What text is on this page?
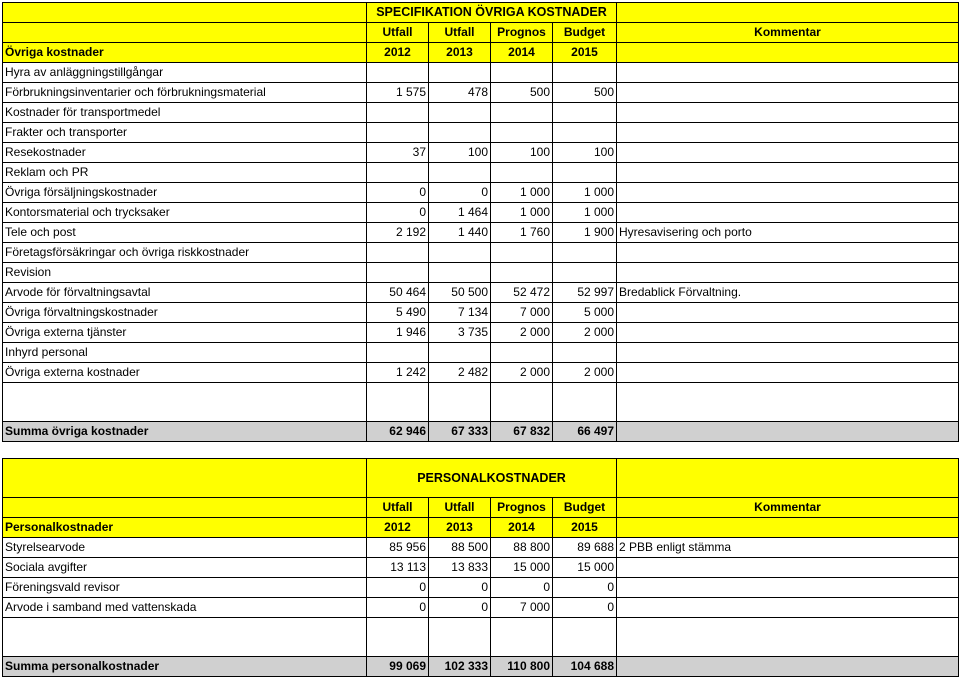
	SPECIFIKATION ÖVRIGA KOSTNADER				
	Utfall	Utfall	Prognos	Budget	Kommentar
Övriga kostnader	2012	2013	2014	2015	
Hyra av anläggningstillgångar					
Förbrukningsinventarier och förbrukningsmaterial	1 575	478	500	500	
Kostnader för transportmedel					
Frakter och transporter					
Resekostnader	37	100	100	100	
Reklam och PR					
Övriga försäljningskostnader	0	0	1 000	1 000	
Kontorsmaterial och trycksaker	0	1 464	1 000	1 000	
Tele och post	2 192	1 440	1 760	1 900	Hyresavisering och porto
Företagsförsäkringar och övriga riskkostnader					
Revision					
Arvode för förvaltningsavtal	50 464	50 500	52 472	52 997	Bredablick Förvaltning.
Övriga förvaltningskostnader	5 490	7 134	7 000	5 000	
Övriga externa tjänster	1 946	3 735	2 000	2 000	
Inhyrd personal					
Övriga externa kostnader	1 242	2 482	2 000	2 000	

Summa övriga kostnader	62 946	67 333	67 832	66 497	
	PERSONALKOSTNADER				
	Utfall	Utfall	Prognos	Budget	Kommentar
Personalkostnader	2012	2013	2014	2015	
Styrelsearvode	85 956	88 500	88 800	89 688	2 PBB enligt stämma
Sociala avgifter	13 113	13 833	15 000	15 000	
Föreningsvald revisor	0	0	0	0	
Arvode i samband med vattenskada	0	0	7 000	0	

Summa personalkostnader	99 069	102 333	110 800	104 688	
